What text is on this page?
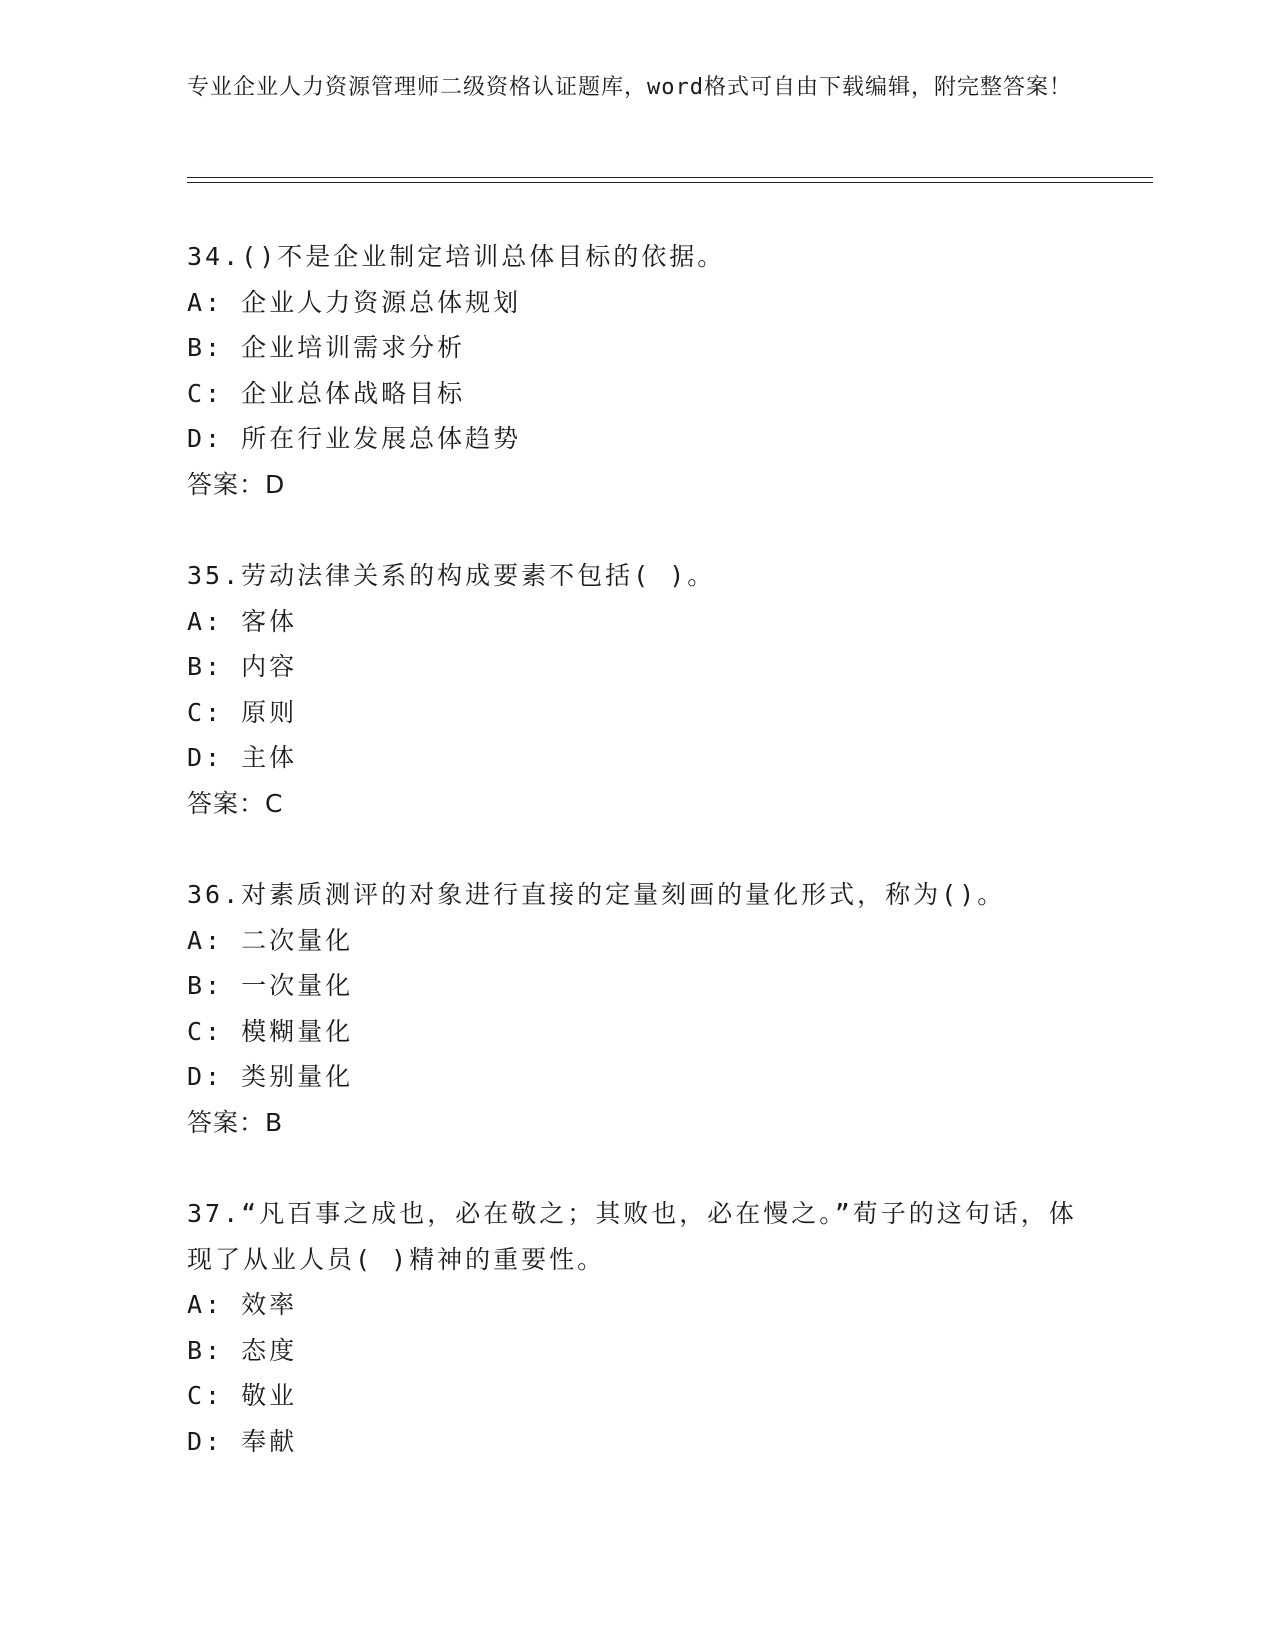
专业企业人力资源管理师二级资格认证题库，word格式可自由下载编辑，附完整答案！

34.()不是企业制定培训总体目标的依据。

A: 企业人力资源总体规划

B: 企业培训需求分析

C: 企业总体战略目标

D: 所在行业发展总体趋势

答案：D

35.劳动法律关系的构成要素不包括( )。

A: 客体

B: 内容

C: 原则

D: 主体

答案：C

36.对素质测评的对象进行直接的定量刻画的量化形式，称为()。

A: 二次量化

B: 一次量化

C: 模糊量化

D: 类别量化

答案：B

37.“凡百事之成也，必在敬之；其败也，必在慢之。”荀子的这句话，体现了从业人员( )精神的重要性。

A: 效率

B: 态度

C: 敬业

D: 奉献
